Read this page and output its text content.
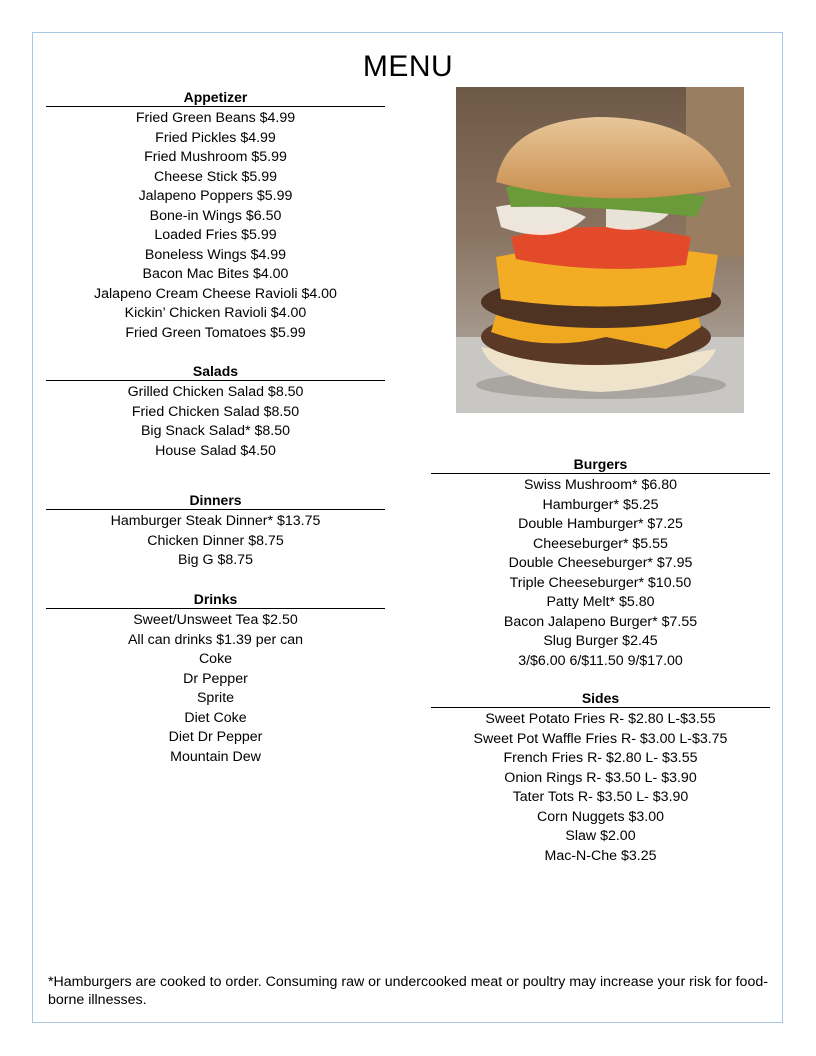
MENU
Appetizer
Fried Green Beans $4.99
Fried Pickles $4.99
Fried Mushroom $5.99
Cheese Stick $5.99
Jalapeno Poppers $5.99
Bone-in Wings $6.50
Loaded Fries $5.99
Boneless Wings $4.99
Bacon Mac Bites $4.00
Jalapeno Cream Cheese Ravioli $4.00
Kickin’ Chicken Ravioli $4.00
Fried Green Tomatoes $5.99
Salads
Grilled Chicken Salad $8.50
Fried Chicken Salad $8.50
Big Snack Salad* $8.50
House Salad $4.50
Dinners
Hamburger Steak Dinner* $13.75
Chicken Dinner $8.75
Big G $8.75
Drinks
Sweet/Unsweet Tea $2.50
All can drinks $1.39 per can
Coke
Dr Pepper
Sprite
Diet Coke
Diet Dr Pepper
Mountain Dew
Burgers
Swiss Mushroom* $6.80
Hamburger* $5.25
Double Hamburger* $7.25
Cheeseburger* $5.55
Double Cheeseburger* $7.95
Triple Cheeseburger* $10.50
Patty Melt* $5.80
Bacon Jalapeno Burger* $7.55
Slug Burger $2.45
3/$6.00 6/$11.50 9/$17.00
Sides
Sweet Potato Fries R- $2.80 L-$3.55
Sweet Pot Waffle Fries R- $3.00 L-$3.75
French Fries R- $2.80 L- $3.55
Onion Rings R- $3.50 L- $3.90
Tater Tots R- $3.50 L- $3.90
Corn Nuggets $3.00
Slaw $2.00
Mac-N-Che $3.25
*Hamburgers are cooked to order. Consuming raw or undercooked meat or poultry may increase your risk for food-borne illnesses.
